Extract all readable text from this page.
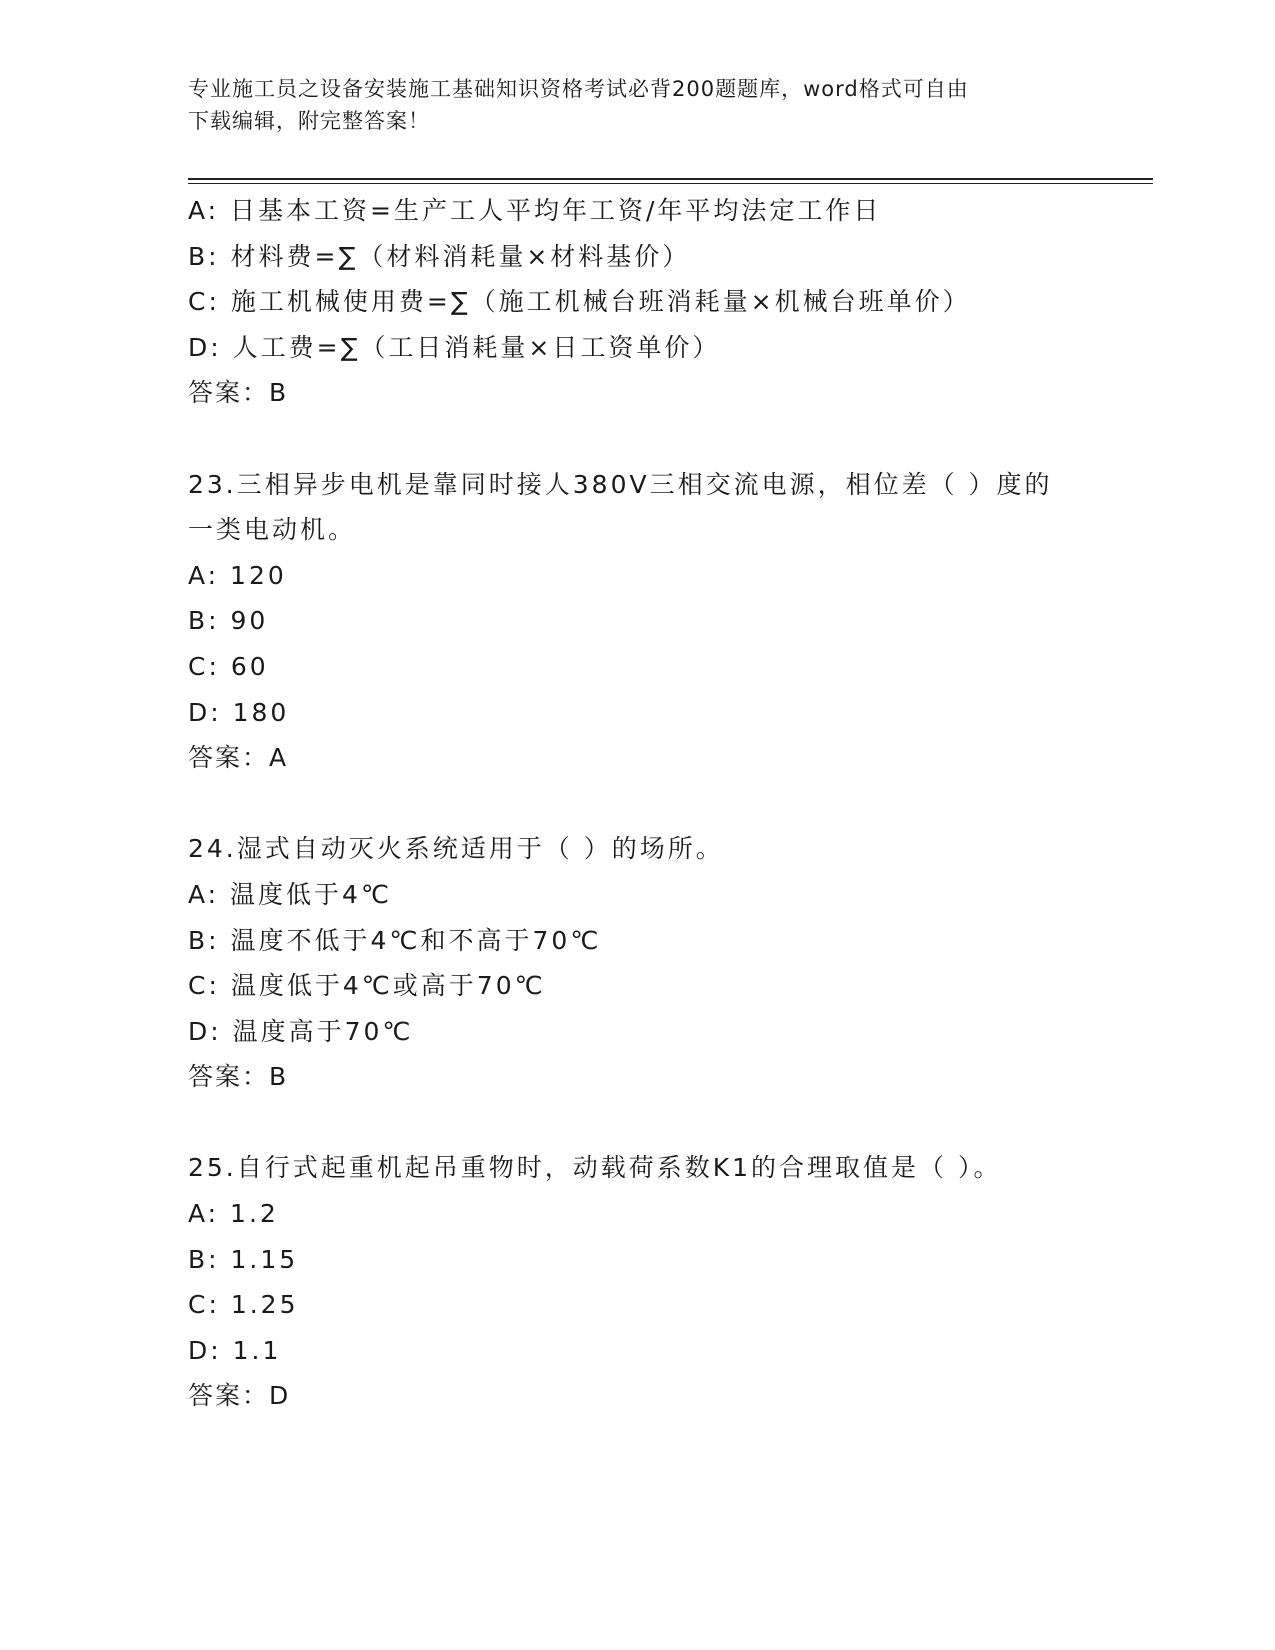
专业施工员之设备安装施工基础知识资格考试必背200题题库，word格式可自由
下载编辑，附完整答案！
A: 日基本工资=生产工人平均年工资/年平均法定工作日
B: 材料费=∑（材料消耗量×材料基价）
C: 施工机械使用费=∑（施工机械台班消耗量×机械台班单价）
D: 人工费=∑（工日消耗量×日工资单价）
答案：B
23.三相异步电机是靠同时接人380V三相交流电源，相位差（ ）度的
一类电动机。
A: 120
B: 90
C: 60
D: 180
答案：A
24.湿式自动灭火系统适用于（ ）的场所。
A: 温度低于4℃
B: 温度不低于4℃和不高于70℃
C: 温度低于4℃或高于70℃
D: 温度高于70℃
答案：B
25.自行式起重机起吊重物时，动载荷系数K1的合理取值是（ ）。
A: 1.2
B: 1.15
C: 1.25
D: 1.1
答案：D
